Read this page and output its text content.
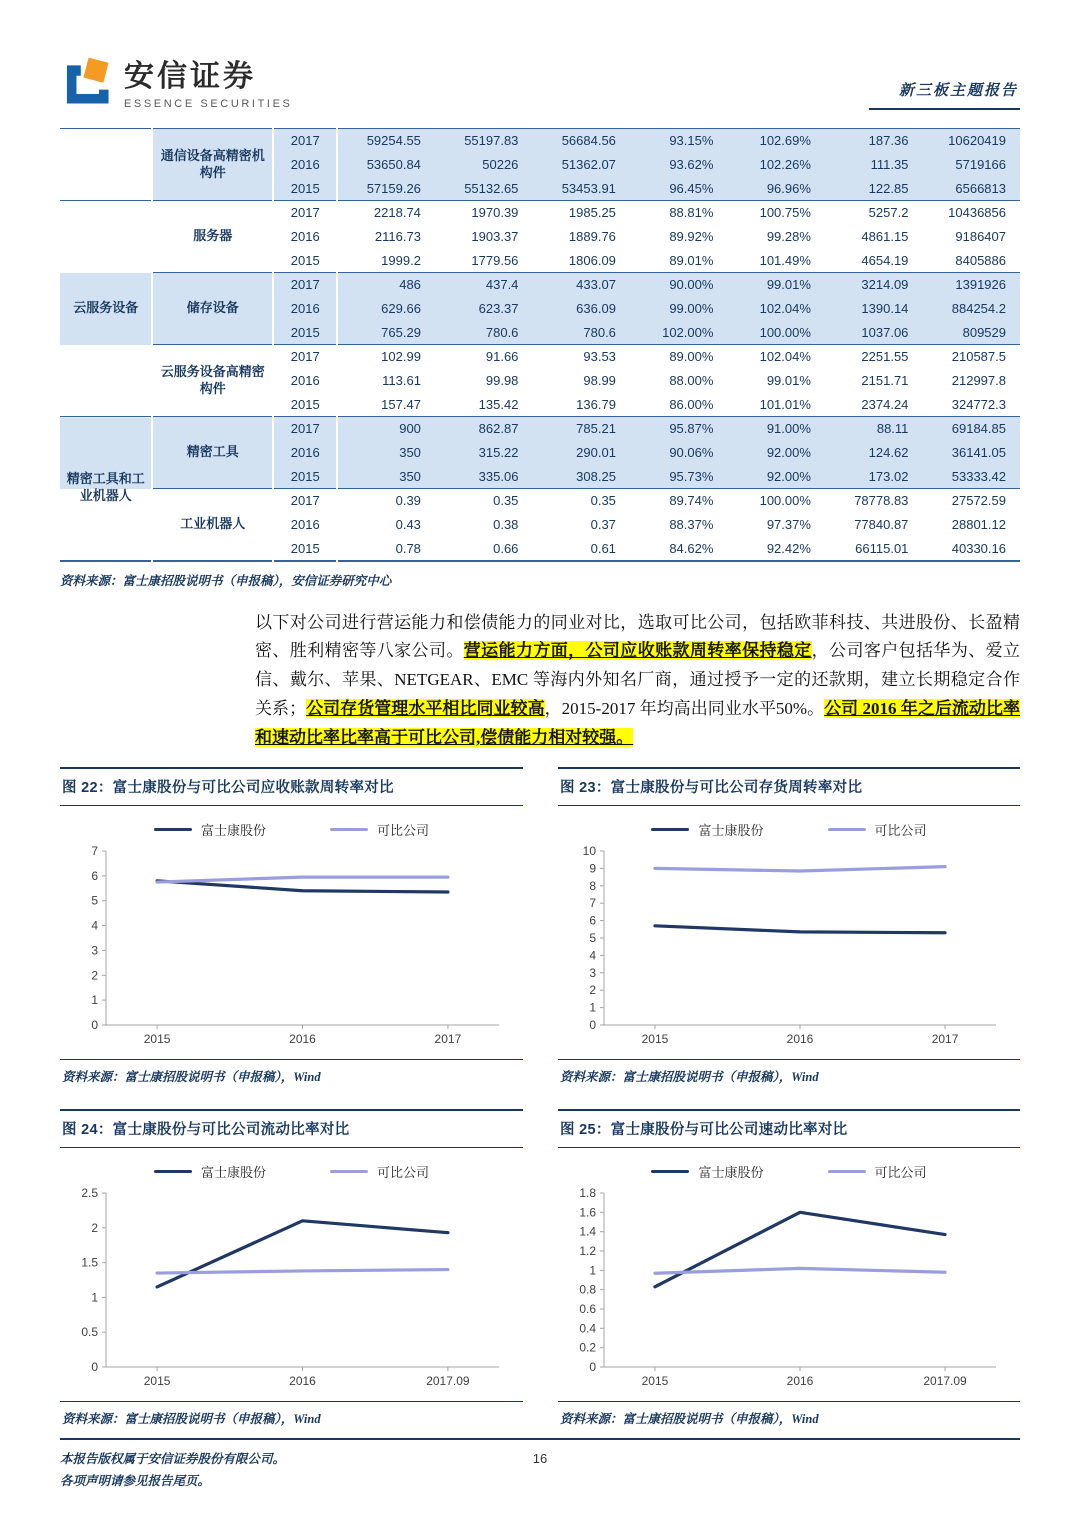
安信证券
ESSENCE SECURITIES
新三板主题报告
	通信设备高精密机构件	2017	59254.55	55197.83	56684.56	93.15%	102.69%	187.36	10620419
		2016	53650.84	50226	51362.07	93.62%	102.26%	111.35	5719166
		2015	57159.26	55132.65	53453.91	96.45%	96.96%	122.85	6566813
云服务设备	服务器	2017	2218.74	1970.39	1985.25	88.81%	100.75%	5257.2	10436856
		2016	2116.73	1903.37	1889.76	89.92%	99.28%	4861.15	9186407
		2015	1999.2	1779.56	1806.09	89.01%	101.49%	4654.19	8405886
	储存设备	2017	486	437.4	433.07	90.00%	99.01%	3214.09	1391926
		2016	629.66	623.37	636.09	99.00%	102.04%	1390.14	884254.2
		2015	765.29	780.6	780.6	102.00%	100.00%	1037.06	809529
	云服务设备高精密构件	2017	102.99	91.66	93.53	89.00%	102.04%	2251.55	210587.5
		2016	113.61	99.98	98.99	88.00%	99.01%	2151.71	212997.8
		2015	157.47	135.42	136.79	86.00%	101.01%	2374.24	324772.3
精密工具和工业机器人	精密工具	2017	900	862.87	785.21	95.87%	91.00%	88.11	69184.85
		2016	350	315.22	290.01	90.06%	92.00%	124.62	36141.05
		2015	350	335.06	308.25	95.73%	92.00%	173.02	53333.42
	工业机器人	2017	0.39	0.35	0.35	89.74%	100.00%	78778.83	27572.59
		2016	0.43	0.38	0.37	88.37%	97.37%	77840.87	28801.12
		2015	0.78	0.66	0.61	84.62%	92.42%	66115.01	40330.16
资料来源：富士康招股说明书（申报稿），安信证券研究中心

以下对公司进行营运能力和偿债能力的同业对比，选取可比公司，包括欧菲科技、共进股份、长盈精密、胜利精密等八家公司。营运能力方面，公司应收账款周转率保持稳定，公司客户包括华为、爱立信、戴尔、苹果、NETGEAR、EMC 等海内外知名厂商，通过授予一定的还款期，建立长期稳定合作关系；公司存货管理水平相比同业较高，2015-2017 年均高出同业水平50%。公司 2016 年之后流动比率和速动比率比率高于可比公司,偿债能力相对较强。

图 22：富士康股份与可比公司应收账款周转率对比
富士康股份	可比公司
0
1
2
3
4
5
6
7
2015	2016	2017
资料来源：富士康招股说明书（申报稿），Wind
图 23：富士康股份与可比公司存货周转率对比
富士康股份	可比公司
0
1
2
3
4
5
6
7
8
9
10
2015	2016	2017
资料来源：富士康招股说明书（申报稿），Wind
图 24：富士康股份与可比公司流动比率对比
富士康股份	可比公司
0
0.5
1
1.5
2
2.5
2015	2016	2017.09
资料来源：富士康招股说明书（申报稿），Wind
图 25：富士康股份与可比公司速动比率对比
富士康股份	可比公司
0
0.2
0.4
0.6
0.8
1
1.2
1.4
1.6
1.8
2015	2016	2017.09
资料来源：富士康招股说明书（申报稿），Wind
本报告版权属于安信证券股份有限公司。
各项声明请参见报告尾页。
16
